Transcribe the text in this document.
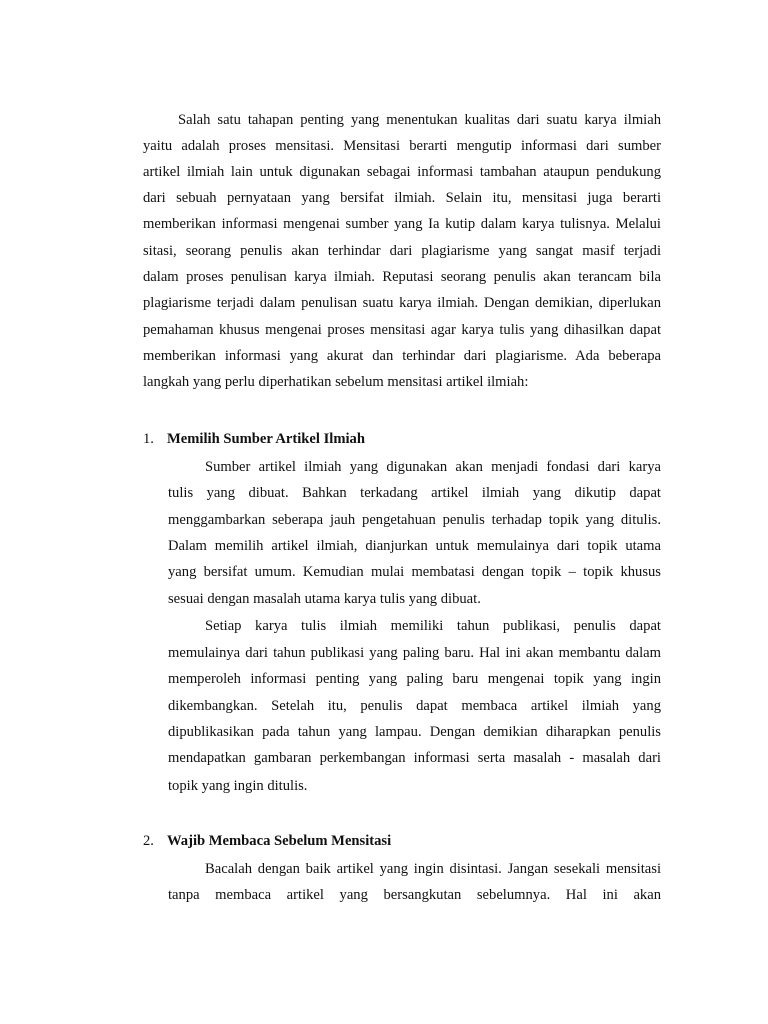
Salah satu tahapan penting yang menentukan kualitas dari suatu karya ilmiah
yaitu adalah proses mensitasi. Mensitasi berarti mengutip informasi dari sumber
artikel ilmiah lain untuk digunakan sebagai informasi tambahan ataupun pendukung
dari sebuah pernyataan yang bersifat ilmiah. Selain itu, mensitasi juga berarti
memberikan informasi mengenai sumber yang Ia kutip dalam karya tulisnya. Melalui
sitasi, seorang penulis akan terhindar dari plagiarisme yang sangat masif terjadi
dalam proses penulisan karya ilmiah. Reputasi seorang penulis akan terancam bila
plagiarisme terjadi dalam penulisan suatu karya ilmiah. Dengan demikian, diperlukan
pemahaman khusus mengenai proses mensitasi agar karya tulis yang dihasilkan dapat
memberikan informasi yang akurat dan terhindar dari plagiarisme. Ada beberapa
langkah yang perlu diperhatikan sebelum mensitasi artikel ilmiah:
1. Memilih Sumber Artikel Ilmiah
Sumber artikel ilmiah yang digunakan akan menjadi fondasi dari karya
tulis yang dibuat. Bahkan terkadang artikel ilmiah yang dikutip dapat
menggambarkan seberapa jauh pengetahuan penulis terhadap topik yang ditulis.
Dalam memilih artikel ilmiah, dianjurkan untuk memulainya dari topik utama
yang bersifat umum. Kemudian mulai membatasi dengan topik – topik khusus
sesuai dengan masalah utama karya tulis yang dibuat.
Setiap karya tulis ilmiah memiliki tahun publikasi, penulis dapat
memulainya dari tahun publikasi yang paling baru. Hal ini akan membantu dalam
memperoleh informasi penting yang paling baru mengenai topik yang ingin
dikembangkan. Setelah itu, penulis dapat membaca artikel ilmiah yang
dipublikasikan pada tahun yang lampau. Dengan demikian diharapkan penulis
mendapatkan gambaran perkembangan informasi serta masalah - masalah dari
topik yang ingin ditulis.
2. Wajib Membaca Sebelum Mensitasi
Bacalah dengan baik artikel yang ingin disintasi. Jangan sesekali mensitasi
tanpa membaca artikel yang bersangkutan sebelumnya. Hal ini akan
